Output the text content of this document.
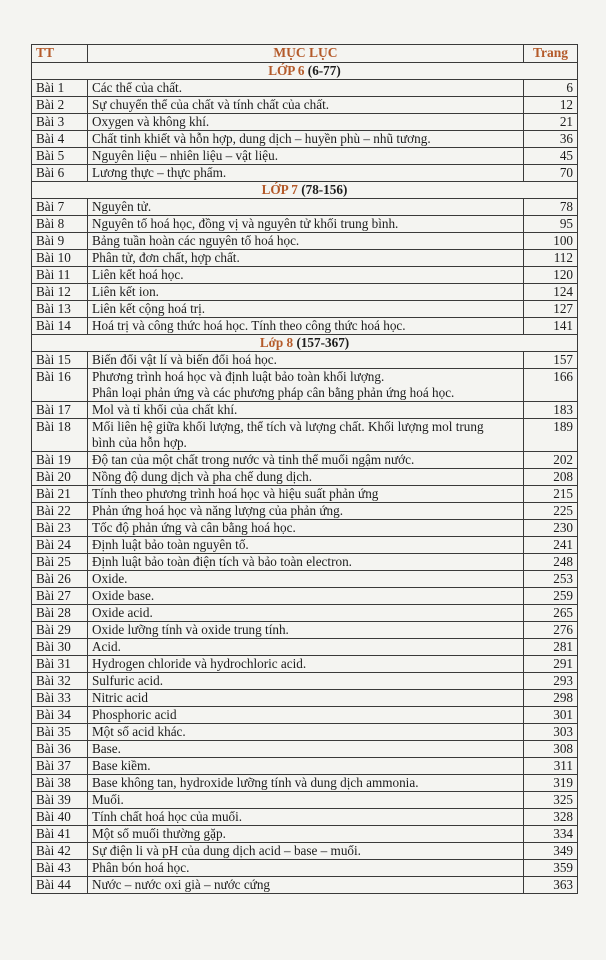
TT	MỤC LỤC	Trang
LỚP 6 (6-77)		
Bài 1	Các thể của chất.	6
Bài 2	Sự chuyển thể của chất và tính chất của chất.	12
Bài 3	Oxygen và không khí.	21
Bài 4	Chất tinh khiết và hỗn hợp, dung dịch – huyền phù – nhũ tương.	36
Bài 5	Nguyên liệu – nhiên liệu – vật liệu.	45
Bài 6	Lương thực – thực phẩm.	70
LỚP 7 (78-156)		
Bài 7	Nguyên tử.	78
Bài 8	Nguyên tố hoá học, đồng vị và nguyên tử khối trung bình.	95
Bài 9	Bảng tuần hoàn các nguyên tố hoá học.	100
Bài 10	Phân tử, đơn chất, hợp chất.	112
Bài 11	Liên kết hoá học.	120
Bài 12	Liên kết ion.	124
Bài 13	Liên kết cộng hoá trị.	127
Bài 14	Hoá trị và công thức hoá học. Tính theo công thức hoá học.	141
Lớp 8 (157-367)		
Bài 15	Biến đổi vật lí và biến đổi hoá học.	157
Bài 16	Phương trình hoá học và định luật bảo toàn khối lượng.
Phân loại phản ứng và các phương pháp cân bằng phản ứng hoá học.	166
Bài 17	Mol và tỉ khối của chất khí.	183
Bài 18	Mối liên hệ giữa khối lượng, thể tích và lượng chất. Khối lượng mol trung
bình của hỗn hợp.	189
Bài 19	Độ tan của một chất trong nước và tinh thể muối ngậm nước.	202
Bài 20	Nồng độ dung dịch và pha chế dung dịch.	208
Bài 21	Tính theo phương trình hoá học và hiệu suất phản ứng	215
Bài 22	Phản ứng hoá học và năng lượng của phản ứng.	225
Bài 23	Tốc độ phản ứng và cân bằng hoá học.	230
Bài 24	Định luật bảo toàn nguyên tố.	241
Bài 25	Định luật bảo toàn điện tích và bảo toàn electron.	248
Bài 26	Oxide.	253
Bài 27	Oxide base.	259
Bài 28	Oxide acid.	265
Bài 29	Oxide lưỡng tính và oxide trung tính.	276
Bài 30	Acid.	281
Bài 31	Hydrogen chloride và hydrochloric acid.	291
Bài 32	Sulfuric acid.	293
Bài 33	Nitric acid	298
Bài 34	Phosphoric acid	301
Bài 35	Một số acid khác.	303
Bài 36	Base.	308
Bài 37	Base kiềm.	311
Bài 38	Base không tan, hydroxide lưỡng tính và dung dịch ammonia.	319
Bài 39	Muối.	325
Bài 40	Tính chất hoá học của muối.	328
Bài 41	Một số muối thường gặp.	334
Bài 42	Sự điện li và pH của dung dịch acid – base – muối.	349
Bài 43	Phân bón hoá học.	359
Bài 44	Nước – nước oxi già – nước cứng	363
